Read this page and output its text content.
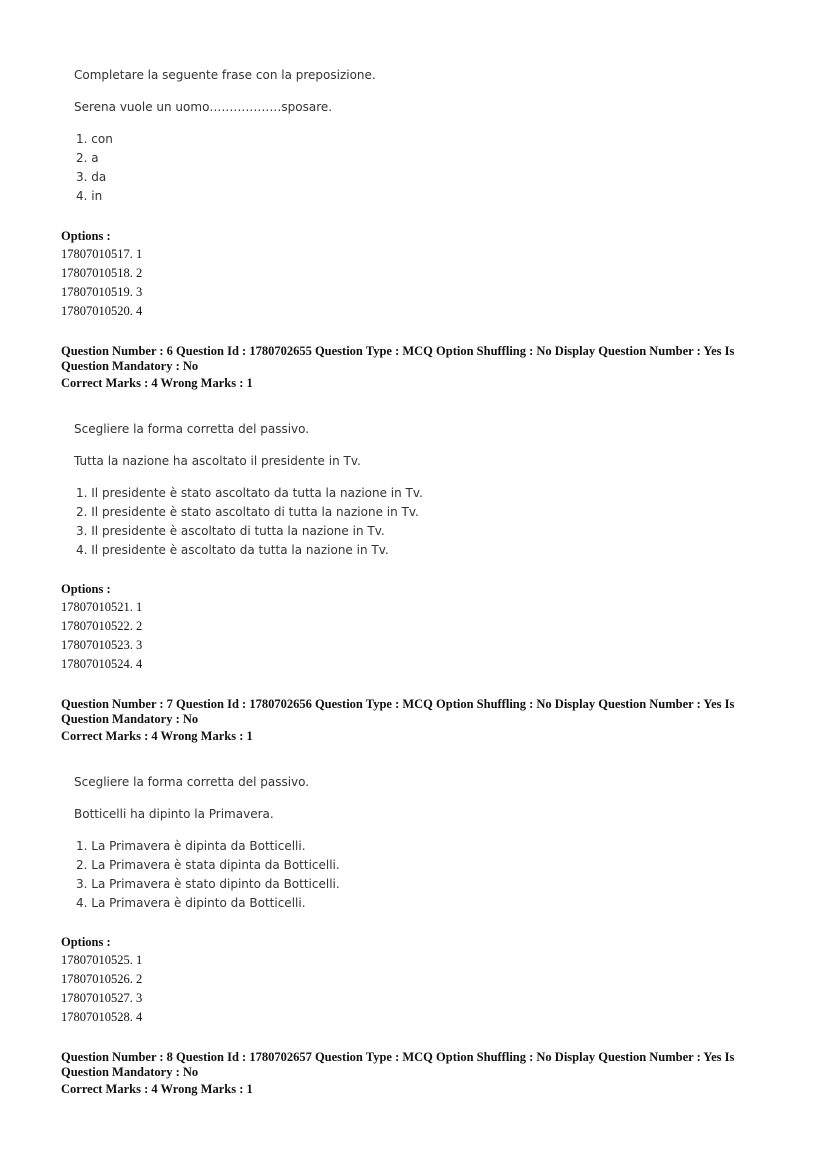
Completare la seguente frase con la preposizione.
Serena vuole un uomo………………sposare.
1. con
2. a
3. da
4. in
Options :
17807010517. 1
17807010518. 2
17807010519. 3
17807010520. 4
Question Number : 6 Question Id : 1780702655 Question Type : MCQ Option Shuffling : No Display Question Number : Yes Is Question Mandatory : No
Correct Marks : 4 Wrong Marks : 1
Scegliere la forma corretta del passivo.
Tutta la nazione ha ascoltato il presidente in Tv.
1. Il presidente è stato ascoltato da tutta la nazione in Tv.
2. Il presidente è stato ascoltato di tutta la nazione in Tv.
3. Il presidente è ascoltato di tutta la nazione in Tv.
4. Il presidente è ascoltato da tutta la nazione in Tv.
Options :
17807010521. 1
17807010522. 2
17807010523. 3
17807010524. 4
Question Number : 7 Question Id : 1780702656 Question Type : MCQ Option Shuffling : No Display Question Number : Yes Is Question Mandatory : No
Correct Marks : 4 Wrong Marks : 1
Scegliere la forma corretta del passivo.
Botticelli ha dipinto la Primavera.
1. La Primavera è dipinta da Botticelli.
2. La Primavera è stata dipinta da Botticelli.
3. La Primavera è stato dipinto da Botticelli.
4. La Primavera è dipinto da Botticelli.
Options :
17807010525. 1
17807010526. 2
17807010527. 3
17807010528. 4
Question Number : 8 Question Id : 1780702657 Question Type : MCQ Option Shuffling : No Display Question Number : Yes Is Question Mandatory : No
Correct Marks : 4 Wrong Marks : 1
